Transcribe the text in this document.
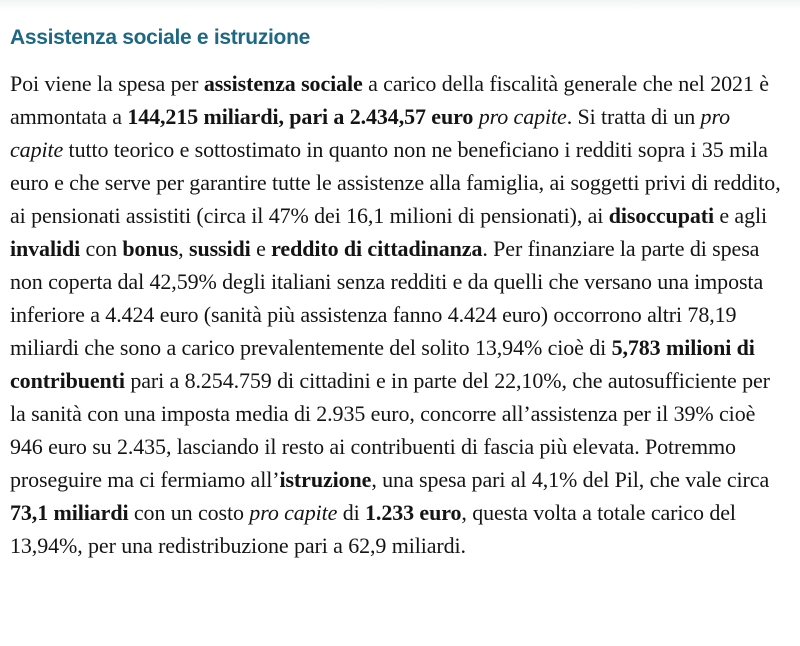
Assistenza sociale e istruzione

Poi viene la spesa per assistenza sociale a carico della fiscalità generale che nel 2021 è ammontata a 144,215 miliardi, pari a 2.434,57 euro pro capite. Si tratta di un pro capite tutto teorico e sottostimato in quanto non ne beneficiano i redditi sopra i 35 mila euro e che serve per garantire tutte le assistenze alla famiglia, ai soggetti privi di reddito, ai pensionati assistiti (circa il 47% dei 16,1 milioni di pensionati), ai disoccupati e agli invalidi con bonus, sussidi e reddito di cittadinanza. Per finanziare la parte di spesa non coperta dal 42,59% degli italiani senza redditi e da quelli che versano una imposta inferiore a 4.424 euro (sanità più assistenza fanno 4.424 euro) occorrono altri 78,19 miliardi che sono a carico prevalentemente del solito 13,94% cioè di 5,783 milioni di contribuenti pari a 8.254.759 di cittadini e in parte del 22,10%, che autosufficiente per la sanità con una imposta media di 2.935 euro, concorre all’assistenza per il 39% cioè 946 euro su 2.435, lasciando il resto ai contribuenti di fascia più elevata. Potremmo proseguire ma ci fermiamo all’istruzione, una spesa pari al 4,1% del Pil, che vale circa 73,1 miliardi con un costo pro capite di 1.233 euro, questa volta a totale carico del 13,94%, per una redistribuzione pari a 62,9 miliardi.
